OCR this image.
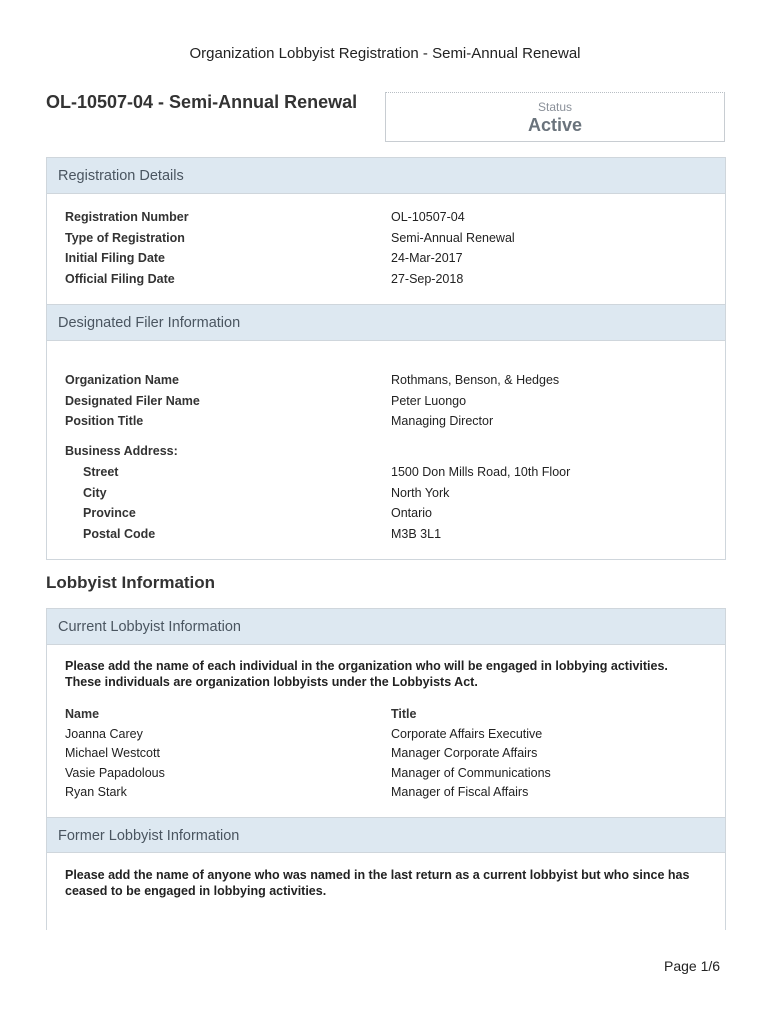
Organization Lobbyist Registration - Semi-Annual Renewal
OL-10507-04 - Semi-Annual Renewal	Status
Active
Registration Details
Registration Number	OL-10507-04
Type of Registration	Semi-Annual Renewal
Initial Filing Date	24-Mar-2017
Official Filing Date	27-Sep-2018
Designated Filer Information
Organization Name	Rothmans, Benson, & Hedges
Designated Filer Name	Peter Luongo
Position Title	Managing Director
Business Address:
Street	1500 Don Mills Road, 10th Floor
City	North York
Province	Ontario
Postal Code	M3B 3L1
Lobbyist Information
Current Lobbyist Information
Please add the name of each individual in the organization who will be engaged in lobbying activities.
These individuals are organization lobbyists under the Lobbyists Act.
Name	Title
Joanna Carey	Corporate Affairs Executive
Michael Westcott	Manager Corporate Affairs
Vasie Papadolous	Manager of Communications
Ryan Stark	Manager of Fiscal Affairs
Former Lobbyist Information
Please add the name of anyone who was named in the last return as a current lobbyist but who since has
ceased to be engaged in lobbying activities.
Page 1/6
